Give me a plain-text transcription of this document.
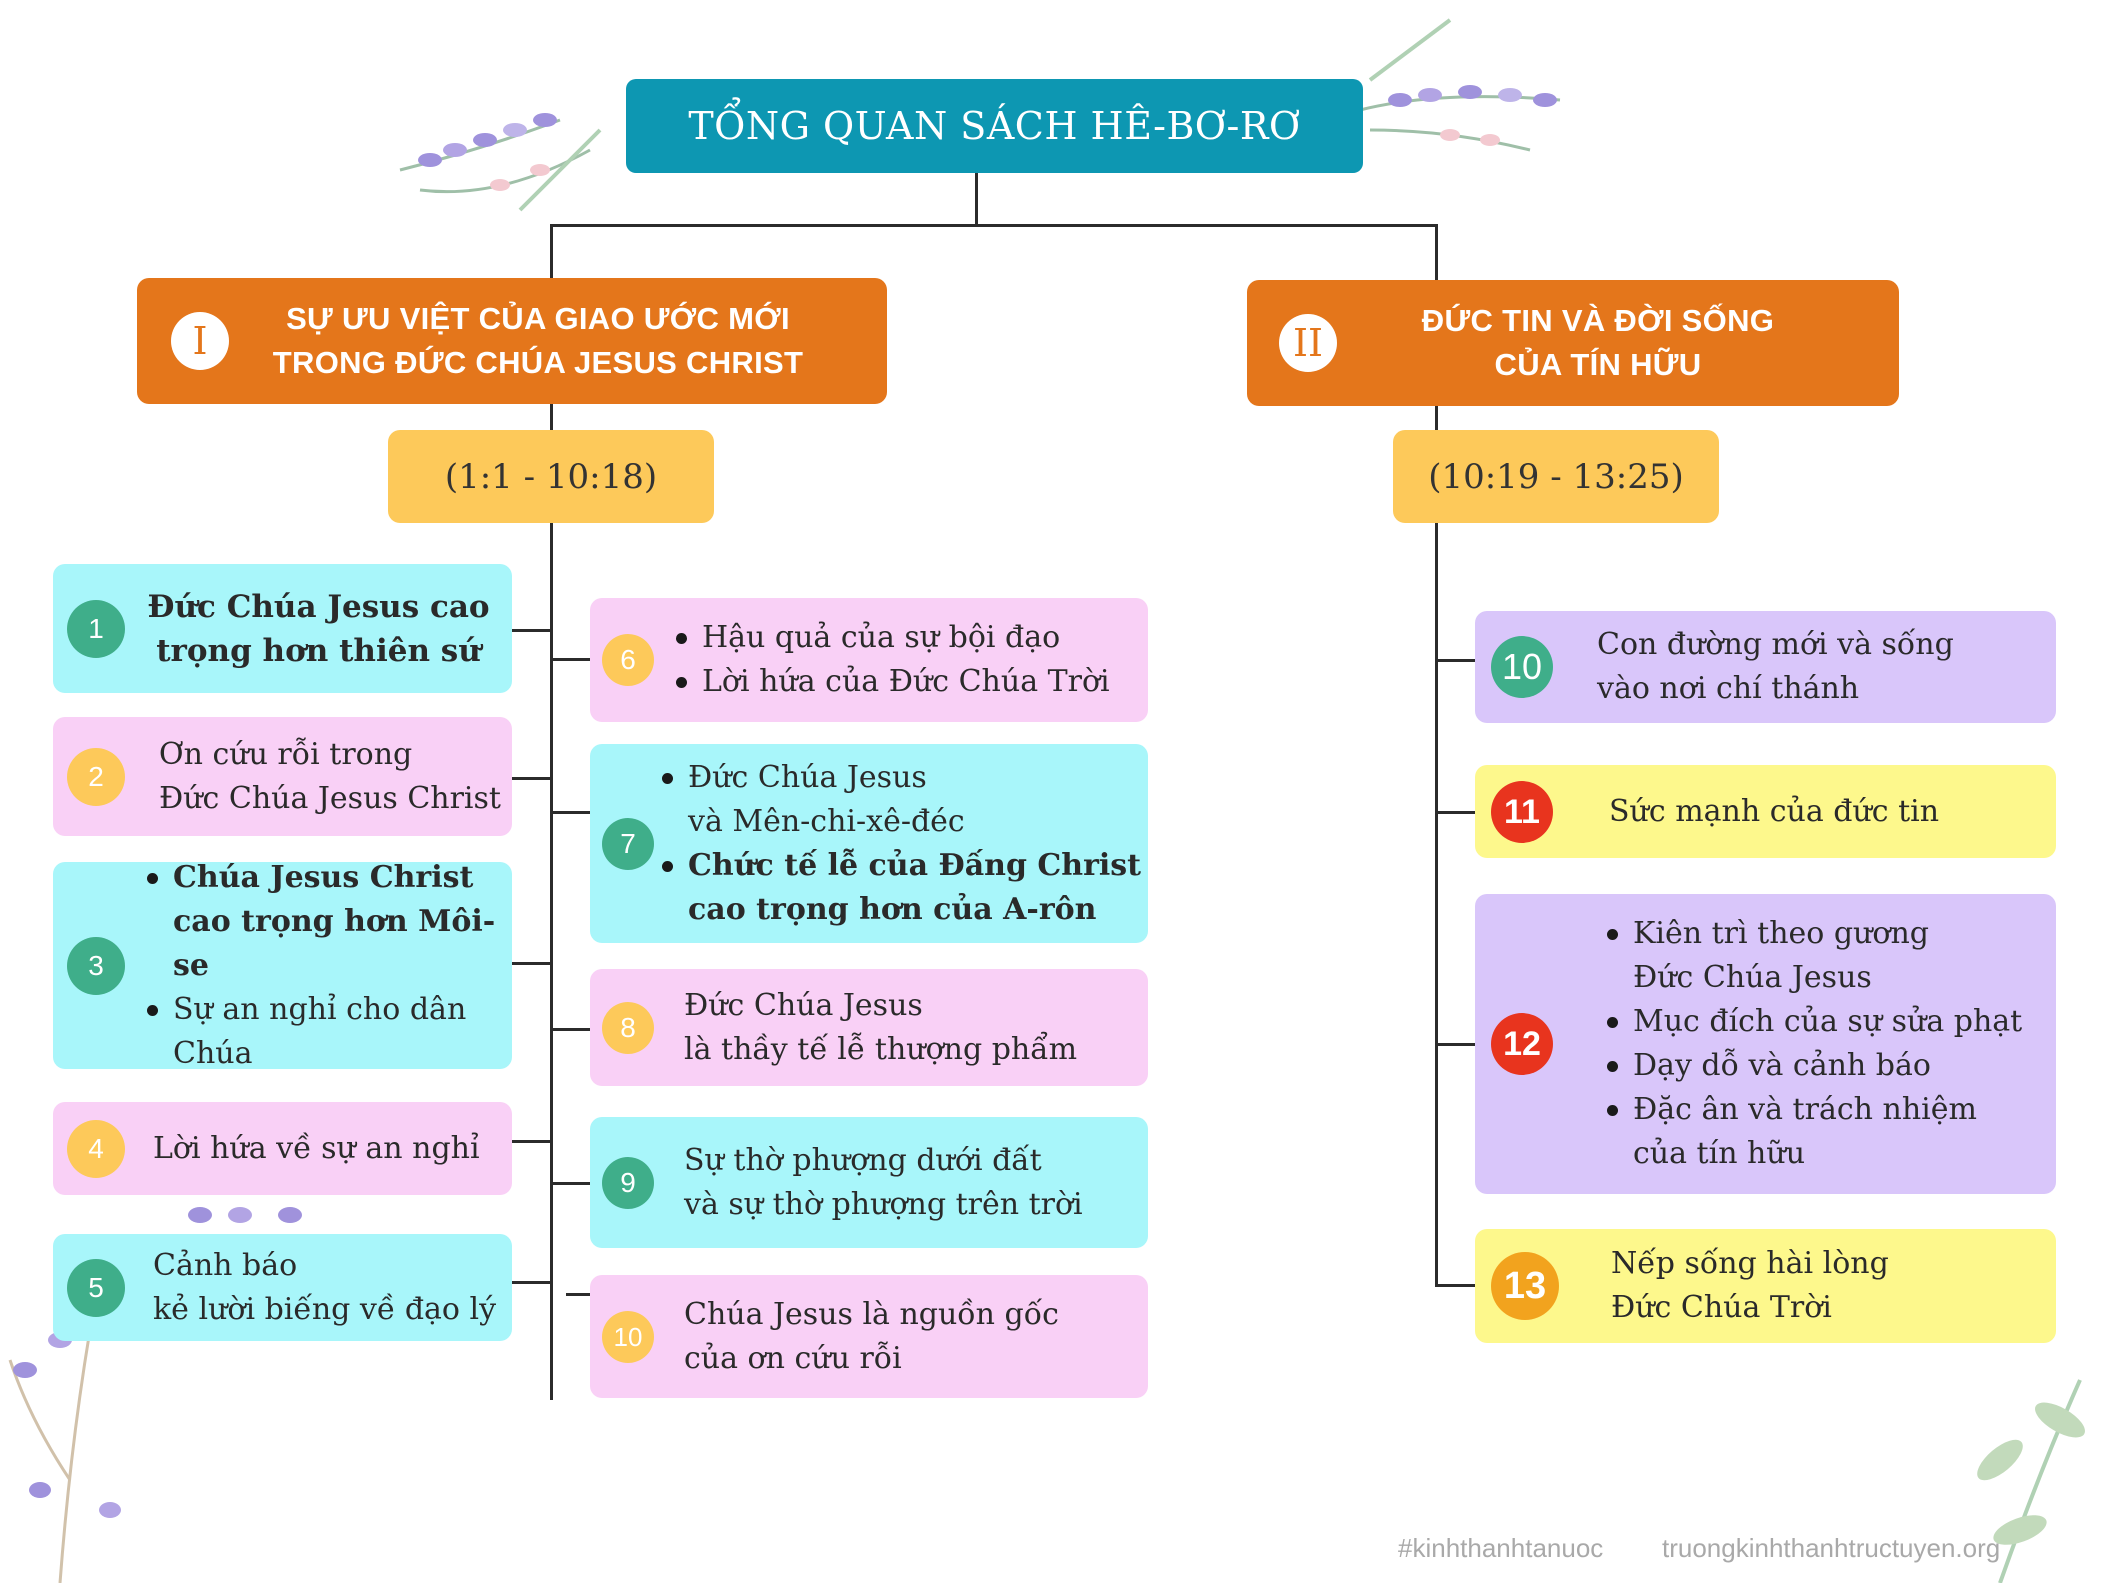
TỔNG QUAN SÁCH HÊ-BƠ-RƠ
I
SỰ ƯU VIỆT CỦA GIAO ƯỚC MỚI
TRONG ĐỨC CHÚA JESUS CHRIST
(1:1 - 10:18)
II
ĐỨC TIN VÀ ĐỜI SỐNG
CỦA TÍN HỮU
(10:19 - 13:25)
1
Đức Chúa Jesus cao
trọng hơn thiên sứ
2
Ơn cứu rỗi trong
Đức Chúa Jesus Christ
3
Chúa Jesus Christ
cao trọng hơn Môi-se
Sự an nghỉ cho dân
Chúa
4	Lời hứa về sự an nghỉ
5
Cảnh báo
kẻ lười biếng về đạo lý
6
Hậu quả của sự bội đạo
Lời hứa của Đức Chúa Trời
7
Đức Chúa Jesus
và Mên-chi-xê-đéc
Chức tế lễ của Đấng Christ
cao trọng hơn của A-rôn
8
Đức Chúa Jesus
là thầy tế lễ thượng phẩm
9
Sự thờ phượng dưới đất
và sự thờ phượng trên trời
10
Chúa Jesus là nguồn gốc
của ơn cứu rỗi
10
Con đường mới và sống
vào nơi chí thánh
11	Sức mạnh của đức tin
12
Kiên trì theo gương
Đức Chúa Jesus
Mục đích của sự sửa phạt
Dạy dỗ và cảnh báo
Đặc ân và trách nhiệm
của tín hữu
13
Nếp sống hài lòng
Đức Chúa Trời
#kinhthanhtanuoc truongkinhthanhtructuyen.org
